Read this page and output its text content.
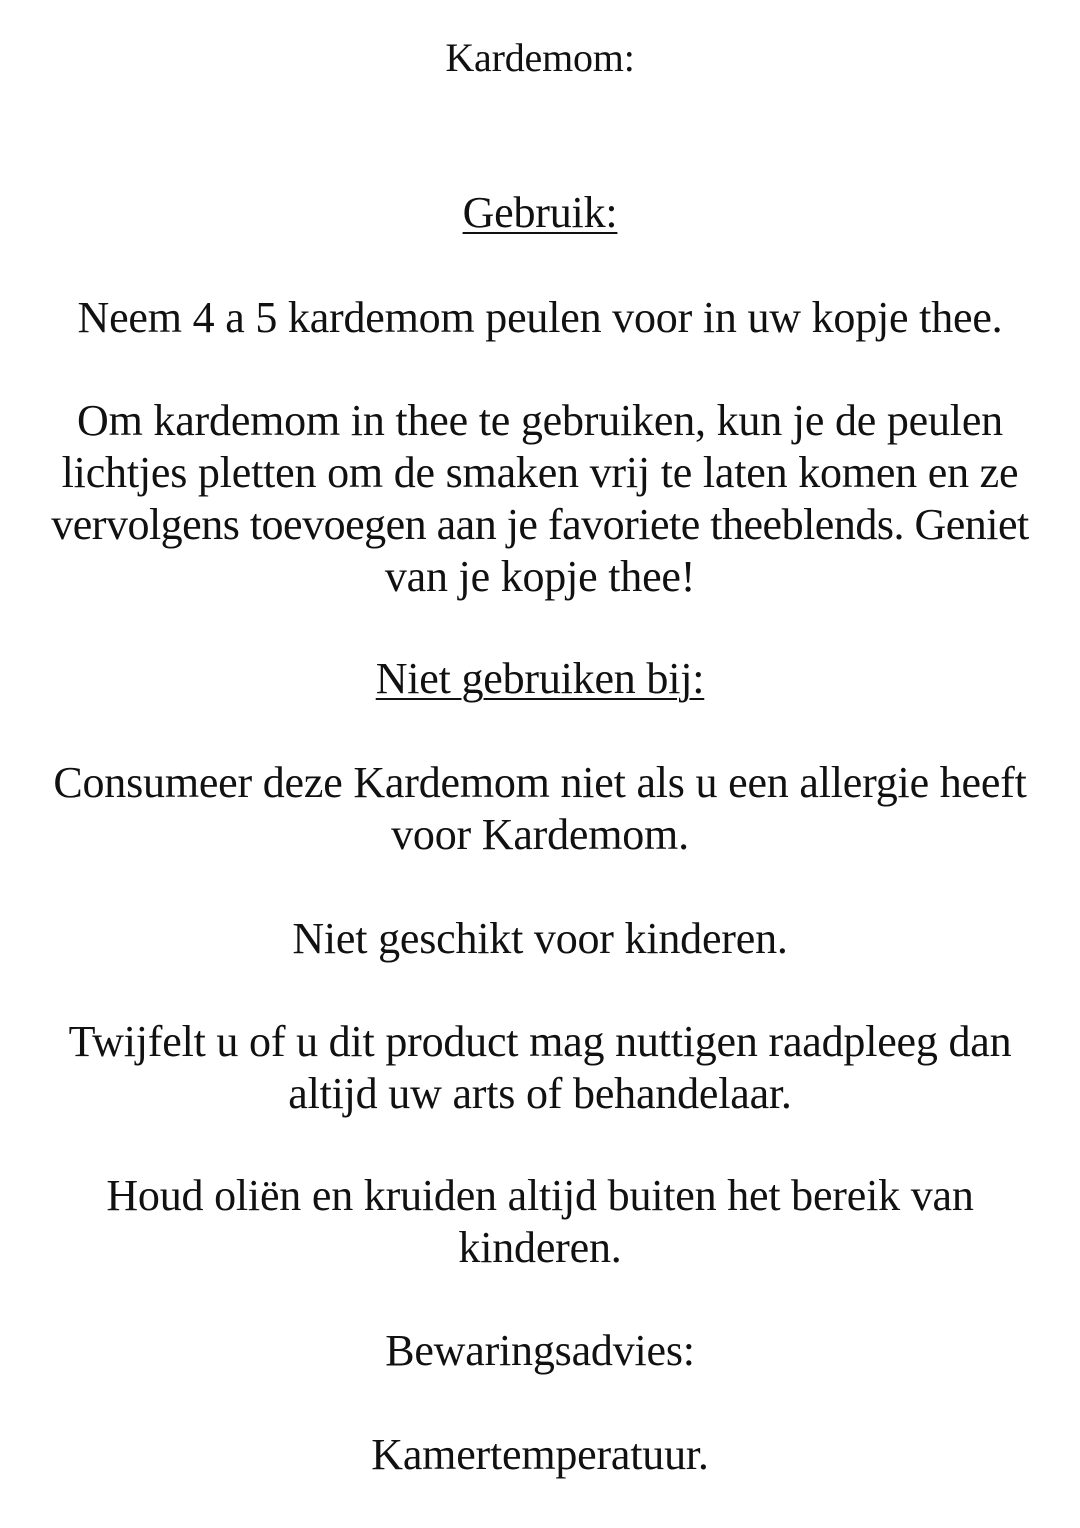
Kardemom:
Gebruik:
Neem 4 a 5 kardemom peulen voor in uw kopje thee.
Om kardemom in thee te gebruiken, kun je de peulen
lichtjes pletten om de smaken vrij te laten komen en ze
vervolgens toevoegen aan je favoriete theeblends. Geniet
van je kopje thee!
Niet gebruiken bij:
Consumeer deze Kardemom niet als u een allergie heeft
voor Kardemom.
Niet geschikt voor kinderen.
Twijfelt u of u dit product mag nuttigen raadpleeg dan
altijd uw arts of behandelaar.
Houd oliën en kruiden altijd buiten het bereik van
kinderen.
Bewaringsadvies:
Kamertemperatuur.
